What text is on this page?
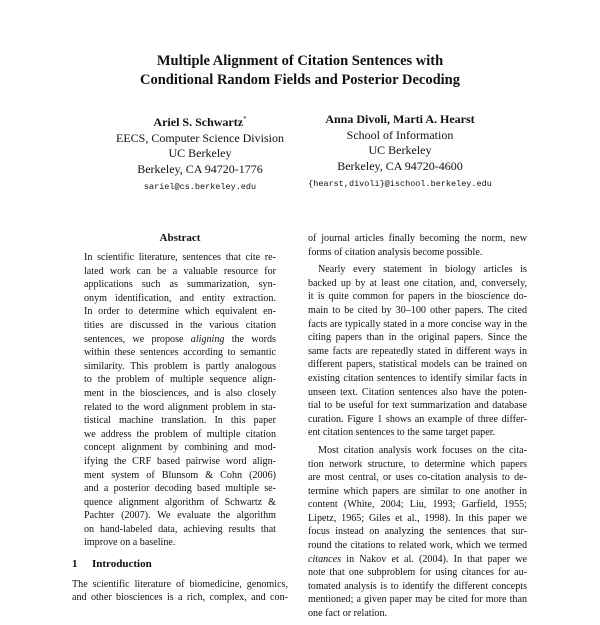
Multiple Alignment of Citation Sentences with
Conditional Random Fields and Posterior Decoding
Ariel S. Schwartz*
EECS, Computer Science Division
UC Berkeley
Berkeley, CA 94720-1776
sariel@cs.berkeley.edu
Anna Divoli, Marti A. Hearst
School of Information
UC Berkeley
Berkeley, CA 94720-4600
{hearst,divoli}@ischool.berkeley.edu
Abstract
In scientific literature, sentences that cite re-
lated work can be a valuable resource for
applications such as summarization, syn-
onym identification, and entity extraction.
In order to determine which equivalent en-
tities are discussed in the various citation
sentences, we propose aligning the words
within these sentences according to semantic
similarity. This problem is partly analogous
to the problem of multiple sequence align-
ment in the biosciences, and is also closely
related to the word alignment problem in sta-
tistical machine translation. In this paper
we address the problem of multiple citation
concept alignment by combining and mod-
ifying the CRF based pairwise word align-
ment system of Blunsom & Cohn (2006)
and a posterior decoding based multiple se-
quence alignment algorithm of Schwartz &
Pachter (2007). We evaluate the algorithm
on hand-labeled data, achieving results that
improve on a baseline.
1 Introduction
The scientific literature of biomedicine, genomics,
and other biosciences is a rich, complex, and con-
of journal articles finally becoming the norm, new
forms of citation analysis become possible.
Nearly every statement in biology articles is
backed up by at least one citation, and, conversely,
it is quite common for papers in the bioscience do-
main to be cited by 30–100 other papers. The cited
facts are typically stated in a more concise way in the
citing papers than in the original papers. Since the
same facts are repeatedly stated in different ways in
different papers, statistical models can be trained on
existing citation sentences to identify similar facts in
unseen text. Citation sentences also have the poten-
tial to be useful for text summarization and database
curation. Figure 1 shows an example of three differ-
ent citation sentences to the same target paper.
Most citation analysis work focuses on the cita-
tion network structure, to determine which papers
are most central, or uses co-citation analysis to de-
termine which papers are similar to one another in
content (White, 2004; Liu, 1993; Garfield, 1955;
Lipetz, 1965; Giles et al., 1998). In this paper we
focus instead on analyzing the sentences that sur-
round the citations to related work, which we termed
citances in Nakov et al. (2004). In that paper we
note that one subproblem for using citances for au-
tomated analysis is to identify the different concepts
mentioned; a given paper may be cited for more than
one fact or relation.
